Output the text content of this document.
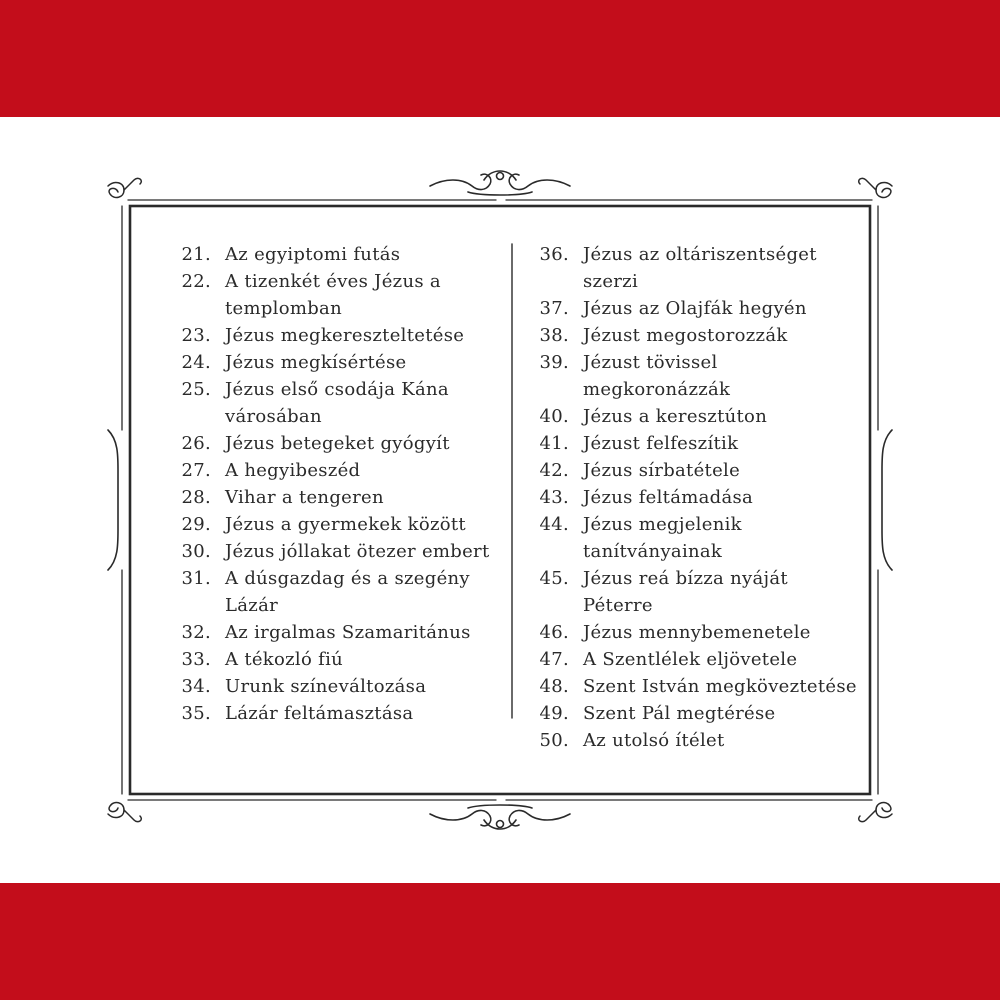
21. Az egyiptomi futás
22. A tizenkét éves Jézus a templomban
23. Jézus megkereszteltetése
24. Jézus megkísértése
25. Jézus első csodája Kána városában
26. Jézus betegeket gyógyít
27. A hegyibeszéd
28. Vihar a tengeren
29. Jézus a gyermekek között
30. Jézus jóllakat ötezer embert
31. A dúsgazdag és a szegény Lázár
32. Az irgalmas Szamaritánus
33. A tékozló fiú
34. Urunk színeváltozása
35. Lázár feltámasztása
36. Jézus az oltáriszentséget szerzi
37. Jézus az Olajfák hegyén
38. Jézust megostorozzák
39. Jézust tövissel megkoronázzák
40. Jézus a keresztúton
41. Jézust felfeszítik
42. Jézus sírbatétele
43. Jézus feltámadása
44. Jézus megjelenik tanítványainak
45. Jézus reá bízza nyáját Péterre
46. Jézus mennybemenetele
47. A Szentlélek eljövetele
48. Szent István megköveztetése
49. Szent Pál megtérése
50. Az utolsó ítélet
